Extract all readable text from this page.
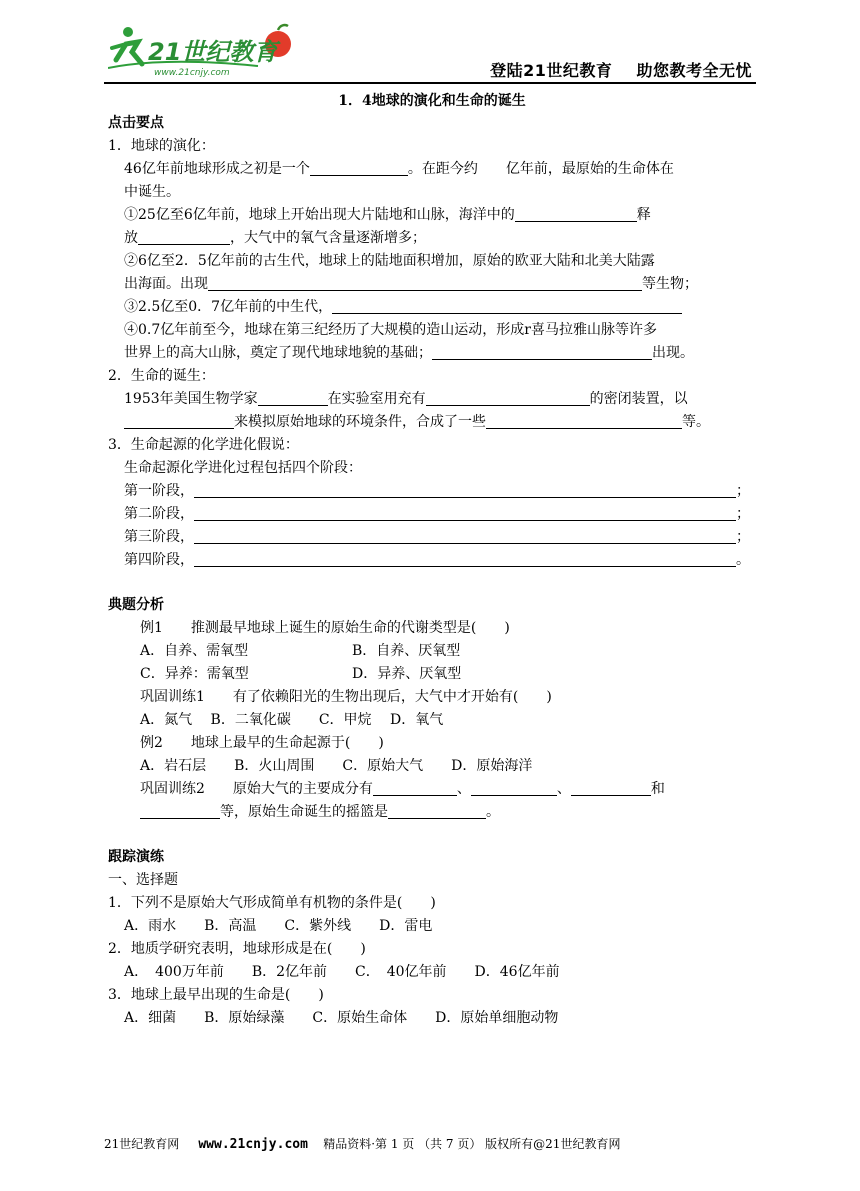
21世纪教育
www.21cnjy.com	登陆21世纪教育 助您教考全无忧
1．4地球的演化和生命的诞生
点击要点
1．地球的演化：
46亿年前地球形成之初是一个	。在距今约　　亿年前，最原始的生命体在
中诞生。
①25亿至6亿年前，地球上开始出现大片陆地和山脉，海洋中的	释
放	，大气中的氧气含量逐渐增多；
②6亿至2．5亿年前的古生代，地球上的陆地面积增加，原始的欧亚大陆和北美大陆露
出海面。出现	等生物；
③2.5亿至0．7亿年前的中生代，
④0.7亿年前至今，地球在第三纪经历了大规模的造山运动，形成r喜马拉雅山脉等许多
世界上的高大山脉，奠定了现代地球地貌的基础；	出现。
2．生命的诞生：
1953年美国生物学家	在实验室用充有	的密闭装置，以
来模拟原始地球的环境条件，合成了一些	等。
3．生命起源的化学进化假说：
生命起源化学进化过程包括四个阶段：
第一阶段，	；
第二阶段，	；
第三阶段，	；
第四阶段，	。
典题分析
例1　　推测最早地球上诞生的原始生命的代谢类型是(　　)
A．自养、需氧型	B．自养、厌氧型
C．异养：需氧型	D．异养、厌氧型
巩固训练1　　有了依赖阳光的生物出现后，大气中才开始有(　　)
A．氮气　 B．二氧化碳　　C．甲烷　 D．氧气
例2　　地球上最早的生命起源于(　　)
A．岩石层　　B．火山周围　　C．原始大气　　D．原始海洋
巩固训练2　　原始大气的主要成分有	、	、	和
等，原始生命诞生的摇篮是	。
跟踪演练
一、选择题
1．下列不是原始大气形成简单有机物的条件是(　　)
A．雨水　　B．高温　　C．紫外线　　D．雷电
2．地质学研究表明，地球形成是在(　　)
A．　400万年前　　B．2亿年前　　C．　40亿年前　　D．46亿年前
3．地球上最早出现的生命是(　　)
A．细菌　　B．原始绿藻　　C．原始生命体　　D．原始单细胞动物
21世纪教育网 www.21cnjy.com 精品资料·第 1 页 （共 7 页） 版权所有@21世纪教育网
